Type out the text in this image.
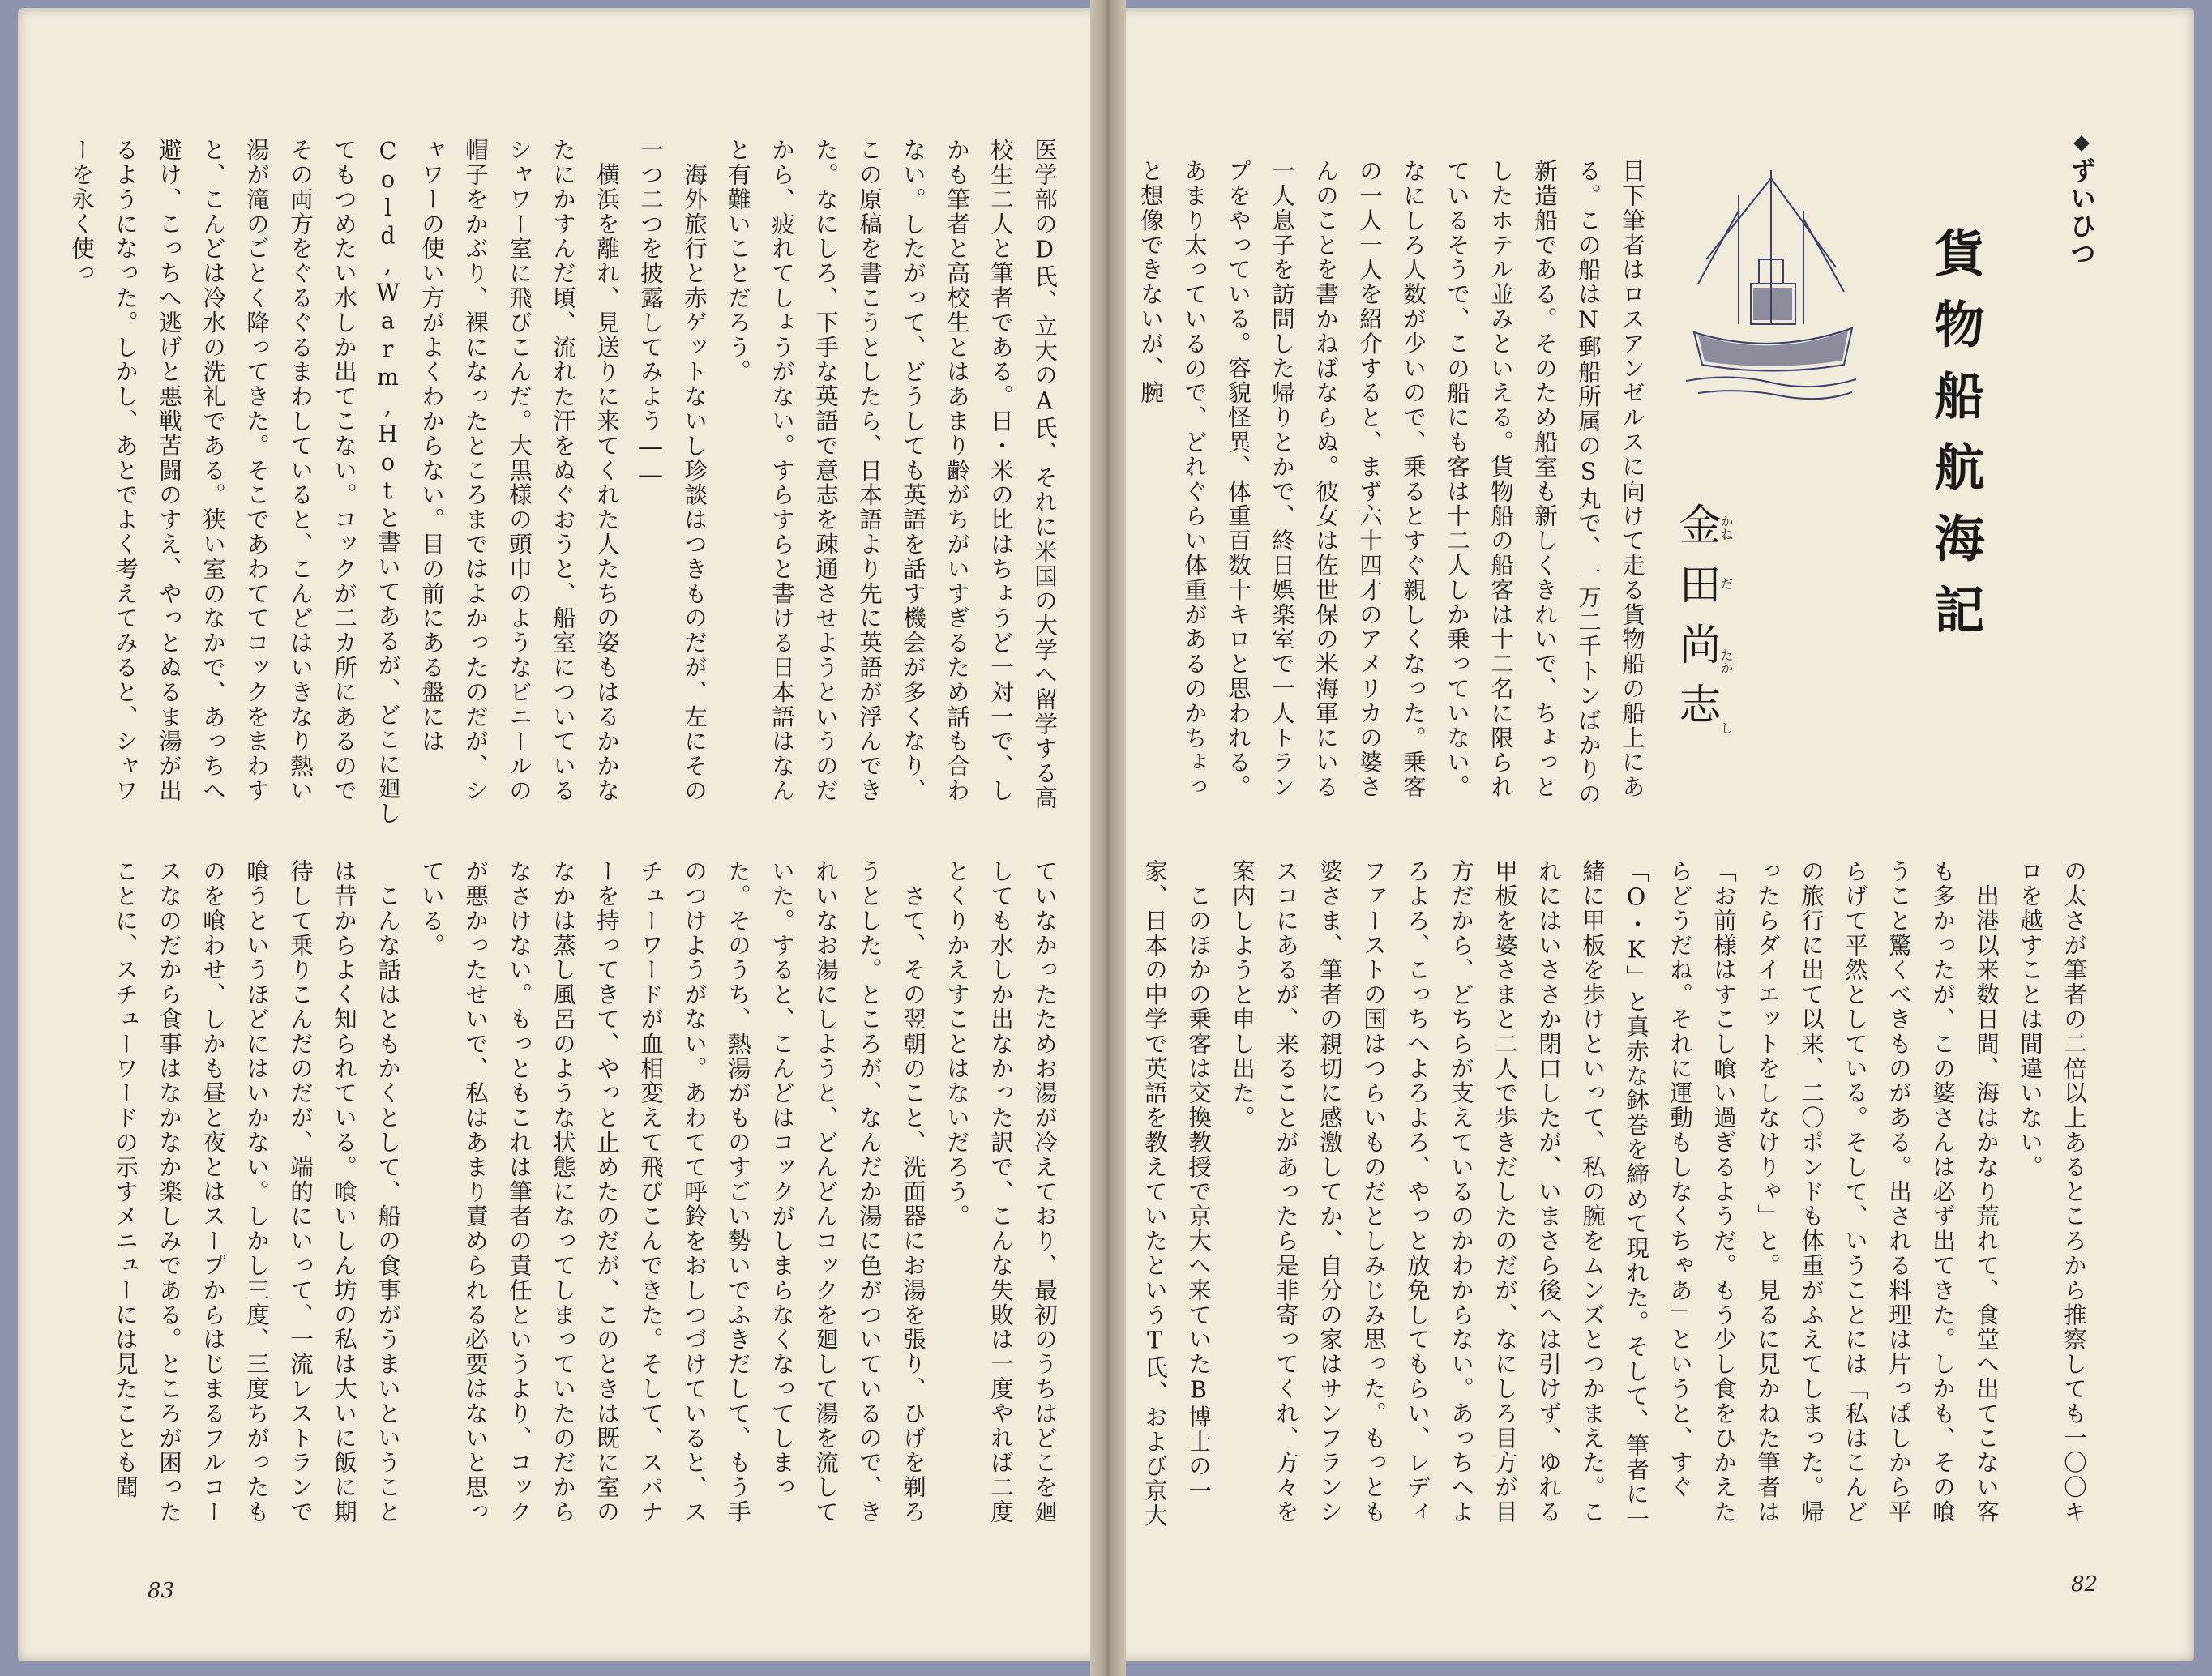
ずいひつ
貨物船航海記
金田尚志
かね
だ
たか
し
目下筆者はロスアンゼルスに向けて走る貨物船の船上にある。この船はN郵船所属のS丸で、一万二千トンばかりの新造船である。そのため船室も新しくきれいで、ちょっとしたホテル並みといえる。貨物船の船客は十二名に限られているそうで、この船にも客は十二人しか乗っていない。なにしろ人数が少いので、乗るとすぐ親しくなった。乗客の一人一人を紹介すると、まず六十四才のアメリカの婆さんのことを書かねばならぬ。彼女は佐世保の米海軍にいる一人息子を訪問した帰りとかで、終日娯楽室で一人トランプをやっている。容貌怪異、体重百数十キロと思われる。あまり太っているので、どれぐらい体重があるのかちょっと想像できないが、腕
の太さが筆者の二倍以上あるところから推察しても一〇〇キロを越すことは間違いない。
　出港以来数日間、海はかなり荒れて、食堂へ出てこない客も多かったが、この婆さんは必ず出てきた。しかも、その喰うこと驚くべきものがある。出される料理は片っぱしから平らげて平然としている。そして、いうことには「私はこんどの旅行に出て以来、二〇ポンドも体重がふえてしまった。帰ったらダイエットをしなけりゃ」と。見るに見かねた筆者は「お前様はすこし喰い過ぎるようだ。もう少し食をひかえたらどうだね。それに運動もしなくちゃあ」というと、すぐ「O・K」と真赤な鉢巻を締めて現れた。そして、筆者に一緒に甲板を歩けといって、私の腕をムンズとつかまえた。これにはいささか閉口したが、いまさら後へは引けず、ゆれる甲板を婆さまと二人で歩きだしたのだが、なにしろ目方が目方だから、どちらが支えているのかわからない。あっちへよろよろ、こっちへよろよろ、やっと放免してもらい、レディファーストの国はつらいものだとしみじみ思った。もっとも婆さま、筆者の親切に感激してか、自分の家はサンフランシスコにあるが、来ることがあったら是非寄ってくれ、方々を案内しようと申し出た。
　このほかの乗客は交換教授で京大へ来ていたB博士の一家、日本の中学で英語を教えていたというT氏、および京大
医学部のD氏、立大のA氏、それに米国の大学へ留学する高校生二人と筆者である。日・米の比はちょうど一対一で、しかも筆者と高校生とはあまり齢がちがいすぎるため話も合わない。したがって、どうしても英語を話す機会が多くなり、この原稿を書こうとしたら、日本語より先に英語が浮んできた。なにしろ、下手な英語で意志を疎通させようというのだから、疲れてしょうがない。すらすらと書ける日本語はなんと有難いことだろう。
　海外旅行と赤ゲットないし珍談はつきものだが、左にその一つ二つを披露してみよう――
　横浜を離れ、見送りに来てくれた人たちの姿もはるかかなたにかすんだ頃、流れた汗をぬぐおうと、船室についているシャワー室に飛びこんだ。大黒様の頭巾のようなビニールの帽子をかぶり、裸になったところまではよかったのだが、シャワーの使い方がよくわからない。目の前にある盤にはCold,Warm,Hotと書いてあるが、どこに廻してもつめたい水しか出てこない。コックが二カ所にあるのでその両方をぐるぐるまわしていると、こんどはいきなり熱い湯が滝のごとく降ってきた。そこであわててコックをまわすと、こんどは冷水の洗礼である。狭い室のなかで、あっちへ避け、こっちへ逃げと悪戦苦闘のすえ、やっとぬるま湯が出るようになった。しかし、あとでよく考えてみると、シャワーを永く使っ
ていなかったためお湯が冷えており、最初のうちはどこを廻しても水しか出なかった訳で、こんな失敗は一度やれば二度とくりかえすことはないだろう。
　さて、その翌朝のこと、洗面器にお湯を張り、ひげを剃ろうとした。ところが、なんだか湯に色がついているので、きれいなお湯にしようと、どんどんコックを廻して湯を流していた。すると、こんどはコックがしまらなくなってしまった。そのうち、熱湯がものすごい勢いでふきだして、もう手のつけようがない。あわてて呼鈴をおしつづけていると、スチューワードが血相変えて飛びこんできた。そして、スパナーを持ってきて、やっと止めたのだが、このときは既に室のなかは蒸し風呂のような状態になってしまっていたのだからなさけない。もっともこれは筆者の責任というより、コックが悪かったせいで、私はあまり責められる必要はないと思っている。
　こんな話はともかくとして、船の食事がうまいということは昔からよく知られている。喰いしん坊の私は大いに飯に期待して乗りこんだのだが、端的にいって、一流レストランで喰うというほどにはいかない。しかし三度、三度ちがったものを喰わせ、しかも昼と夜とはスープからはじまるフルコースなのだから食事はなかなか楽しみである。ところが困ったことに、スチューワードの示すメニューには見たことも聞
83	82
